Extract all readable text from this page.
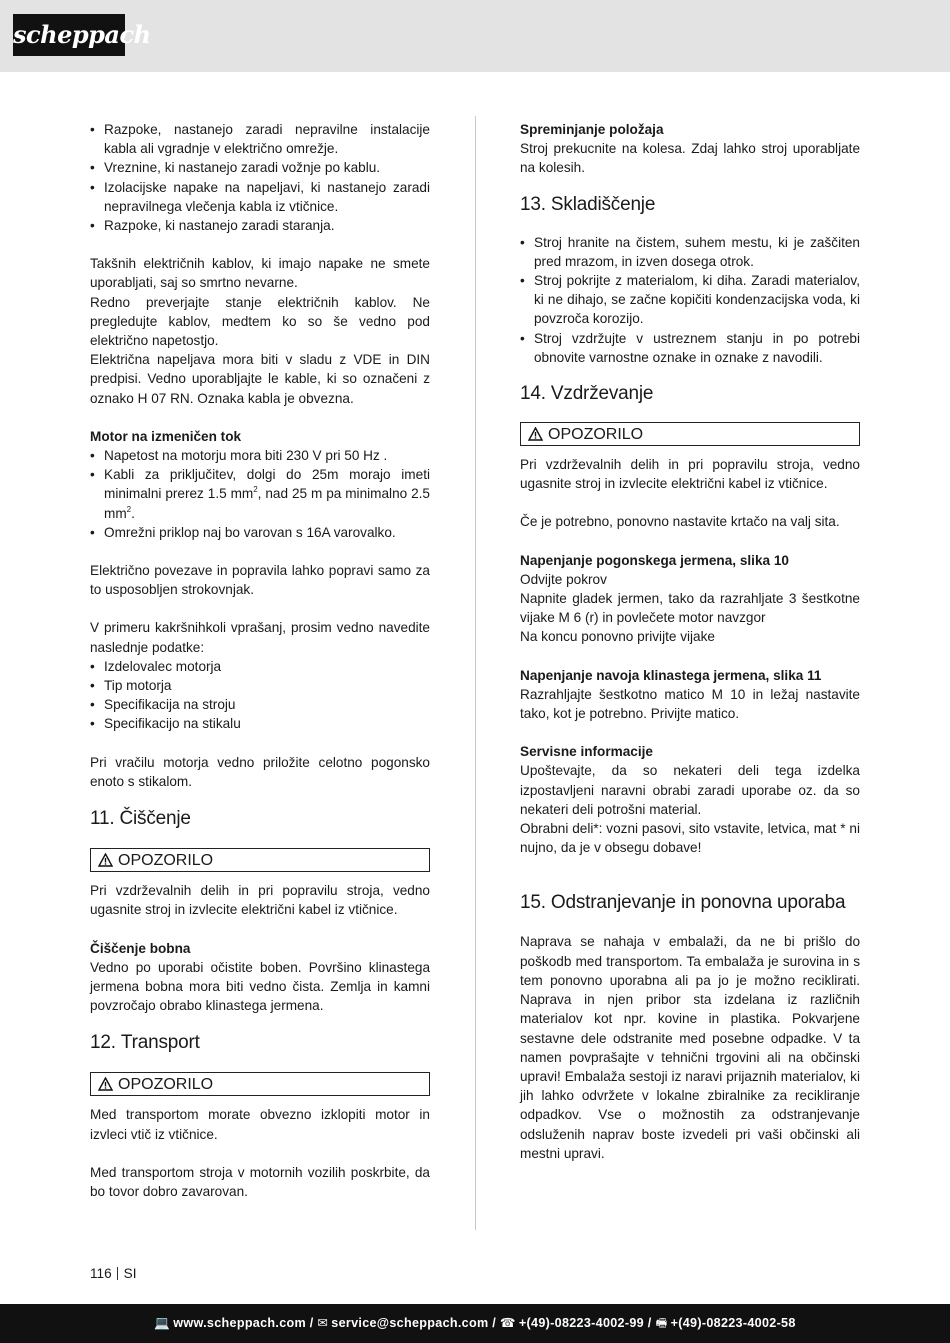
scheppach
• Razpoke, nastanejo zaradi nepravilne instalacije kabla ali vgradnje v električno omrežje.
• Vreznine, ki nastanejo zaradi vožnje po kablu.
• Izolacijske napake na napeljavi, ki nastanejo zaradi nepravilnega vlečenja kabla iz vtičnice.
• Razpoke, ki nastanejo zaradi staranja.

Takšnih električnih kablov, ki imajo napake ne smete uporabljati, saj so smrtno nevarne.

Redno preverjajte stanje električnih kablov. Ne pregledujte kablov, medtem ko so še vedno pod električno napetostjo.

Električna napeljava mora biti v sladu z VDE in DIN predpisi. Vedno uporabljajte le kable, ki so označeni z oznako H 07 RN. Oznaka kabla je obvezna.

Motor na izmeničen tok

• Napetost na motorju mora biti 230 V pri 50 Hz .
• Kabli za priključitev, dolgi do 25m morajo imeti minimalni prerez 1.5 $mm^2$, nad 25 m pa minimalno 2.5 $mm^2$.
• Omrežni priklop naj bo varovan s 16A varovalko.

Električno povezave in popravila lahko popravi samo za to usposobljen strokovnjak.

V primeru kakršnihkoli vprašanj, prosim vedno navedite naslednje podatke:

• Izdelovalec motorja
• Tip motorja
• Specifikacija na stroju
• Specifikacijo na stikalu

Pri vračilu motorja vedno priložite celotno pogonsko enoto s stikalom.

11. Čiščenje
OPOZORILO

Pri vzdrževalnih delih in pri popravilu stroja, vedno ugasnite stroj in izvlecite električni kabel iz vtičnice.

Čiščenje bobna

Vedno po uporabi očistite boben. Površino klinastega jermena bobna mora biti vedno čista. Zemlja in kamni povzročajo obrabo klinastega jermena.

12. Transport
OPOZORILO

Med transportom morate obvezno izklopiti motor in izvleci vtič iz vtičnice.

Med transportom stroja v motornih vozilih poskrbite, da bo tovor dobro zavarovan.

Spreminjanje položaja

Stroj prekucnite na kolesa. Zdaj lahko stroj uporabljate na kolesih.

13. Skladiščenje
• Stroj hranite na čistem, suhem mestu, ki je zaščiten pred mrazom, in izven dosega otrok.
• Stroj pokrijte z materialom, ki diha. Zaradi materialov, ki ne dihajo, se začne kopičiti kondenzacijska voda, ki povzroča korozijo.
• Stroj vzdržujte v ustreznem stanju in po potrebi obnovite varnostne oznake in oznake z navodili.
14. Vzdrževanje
OPOZORILO

Pri vzdrževalnih delih in pri popravilu stroja, vedno ugasnite stroj in izvlecite električni kabel iz vtičnice.

Če je potrebno, ponovno nastavite krtačo na valj sita.

Napenjanje pogonskega jermena, slika 10

Odvijte pokrov

Napnite gladek jermen, tako da razrahljate 3 šestkotne vijake M 6 (r) in povlečete motor navzgor

Na koncu ponovno privijte vijake

Napenjanje navoja klinastega jermena, slika 11

Razrahljajte šestkotno matico M 10 in ležaj nastavite tako, kot je potrebno. Privijte matico.

Servisne informacije

Upoštevajte, da so nekateri deli tega izdelka izpostavljeni naravni obrabi zaradi uporabe oz. da so nekateri deli potrošni material.

Obrabni deli*: vozni pasovi, sito vstavite, letvica, mat * ni nujno, da je v obsegu dobave!

15. Odstranjevanje in ponovna uporaba

Naprava se nahaja v embalaži, da ne bi prišlo do poškodb med transportom. Ta embalaža je surovina in s tem ponovno uporabna ali pa jo je možno reciklirati. Naprava in njen pribor sta izdelana iz različnih materialov kot npr. kovine in plastika. Pokvarjene sestavne dele odstranite med posebne odpadke. V ta namen povprašajte v tehnični trgovini ali na občinski upravi! Embalaža sestoji iz naravi prijaznih materialov, ki jih lahko odvržete v lokalne zbiralnike za recikliranje odpadkov. Vse o možnostih za odstranjevanje odsluženih naprav boste izvedeli pri vaši občinski ali mestni upravi.

116 SI
💻 www.scheppach.com / ✉ service@scheppach.com / ☎ +(49)-08223-4002-99 / 🖷 +(49)-08223-4002-58
